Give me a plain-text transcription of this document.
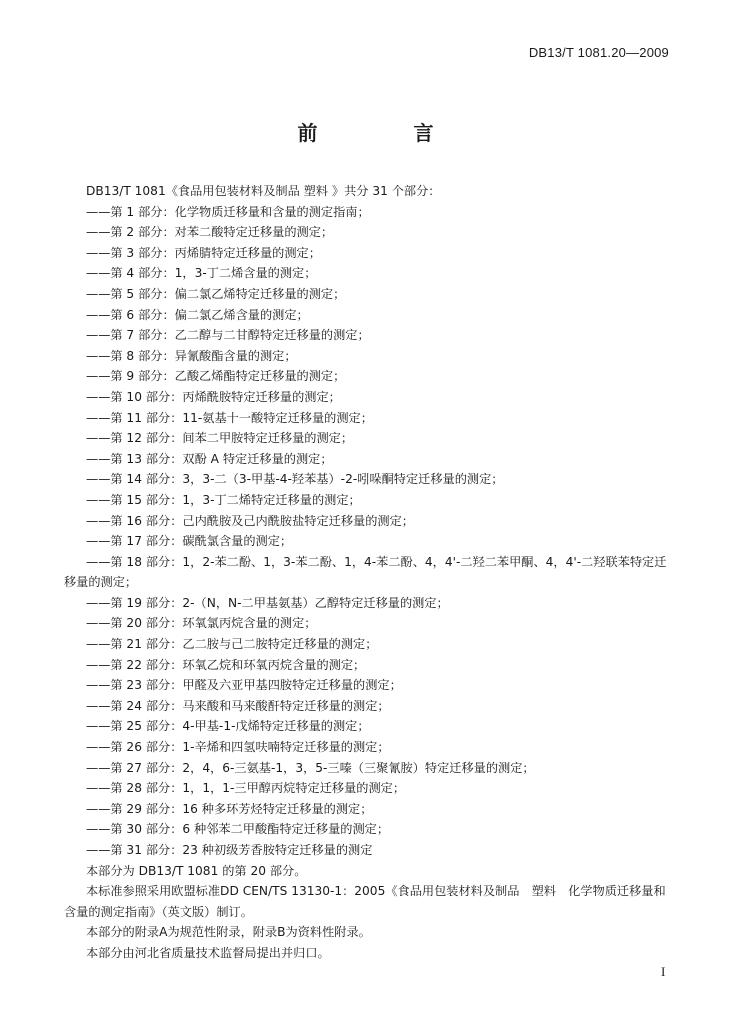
DB13/T 1081.20—2009
前　言
DB13/T 1081《食品用包装材料及制品 塑料 》共分 31 个部分：
——第 1 部分：化学物质迁移量和含量的测定指南；
——第 2 部分：对苯二酸特定迁移量的测定；
——第 3 部分：丙烯腈特定迁移量的测定；
——第 4 部分：1，3-丁二烯含量的测定；
——第 5 部分：偏二氯乙烯特定迁移量的测定；
——第 6 部分：偏二氯乙烯含量的测定；
——第 7 部分：乙二醇与二甘醇特定迁移量的测定；
——第 8 部分：异氰酸酯含量的测定；
——第 9 部分：乙酸乙烯酯特定迁移量的测定；
——第 10 部分：丙烯酰胺特定迁移量的测定；
——第 11 部分：11-氨基十一酸特定迁移量的测定；
——第 12 部分：间苯二甲胺特定迁移量的测定；
——第 13 部分：双酚 A 特定迁移量的测定；
——第 14 部分：3，3-二（3-甲基-4-羟苯基）-2-吲哚酮特定迁移量的测定；
——第 15 部分：1，3-丁二烯特定迁移量的测定；
——第 16 部分：己内酰胺及己内酰胺盐特定迁移量的测定；
——第 17 部分：碳酰氯含量的测定；
——第 18 部分：1，2-苯二酚、1，3-苯二酚、1，4-苯二酚、4，4'-二羟二苯甲酮、4，4'-二羟联苯特定迁移量的测定；
——第 19 部分：2-（N，N-二甲基氨基）乙醇特定迁移量的测定；
——第 20 部分：环氧氯丙烷含量的测定；
——第 21 部分：乙二胺与己二胺特定迁移量的测定；
——第 22 部分：环氧乙烷和环氧丙烷含量的测定；
——第 23 部分：甲醛及六亚甲基四胺特定迁移量的测定；
——第 24 部分：马来酸和马来酸酐特定迁移量的测定；
——第 25 部分：4-甲基-1-戊烯特定迁移量的测定；
——第 26 部分：1-辛烯和四氢呋喃特定迁移量的测定；
——第 27 部分：2，4，6-三氨基-1，3，5-三嗪（三聚氰胺）特定迁移量的测定；
——第 28 部分：1，1，1-三甲醇丙烷特定迁移量的测定；
——第 29 部分：16 种多环芳烃特定迁移量的测定；
——第 30 部分：6 种邻苯二甲酸酯特定迁移量的测定；
——第 31 部分：23 种初级芳香胺特定迁移量的测定
本部分为 DB13/T 1081 的第 20 部分。
本标准参照采用欧盟标准DD CEN/TS 13130-1：2005《食品用包装材料及制品　塑料　化学物质迁移量和含量的测定指南》（英文版）制订。
本部分的附录A为规范性附录，附录B为资料性附录。
本部分由河北省质量技术监督局提出并归口。
I
